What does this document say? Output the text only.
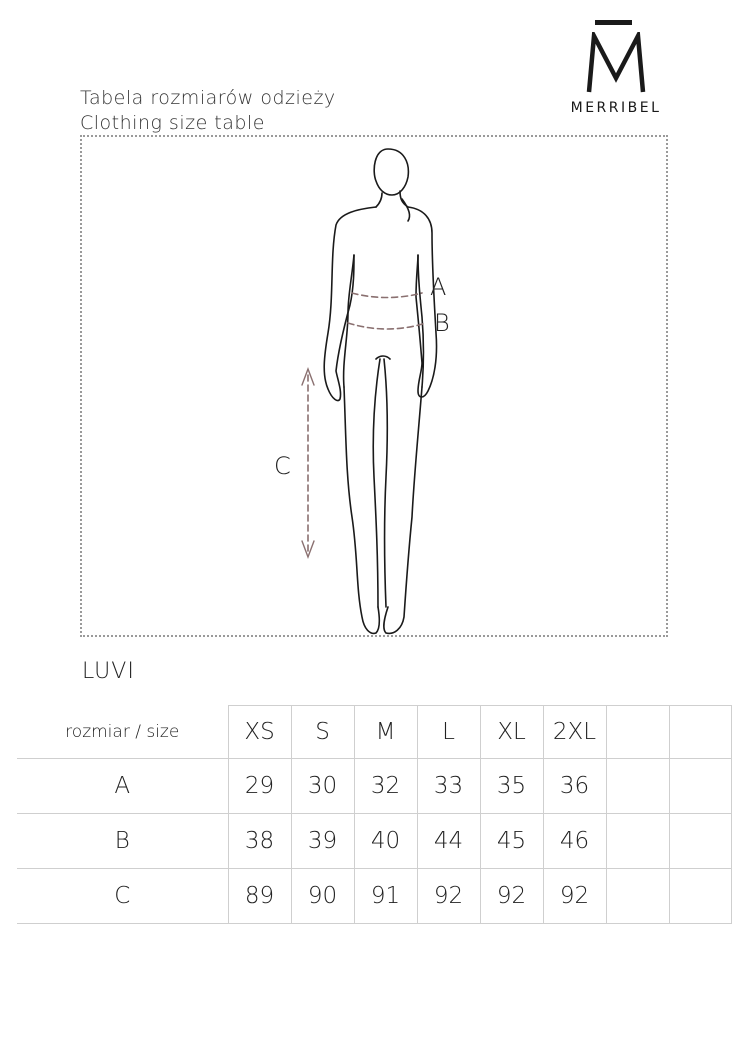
Tabela rozmiarów odzieży
Clothing size table
MERRIBEL
A
B
C
LUVI
rozmiar / size	XS	S	M	L	XL	2XL		
A	29	30	32	33	35	36		
B	38	39	40	44	45	46		
C	89	90	91	92	92	92		
